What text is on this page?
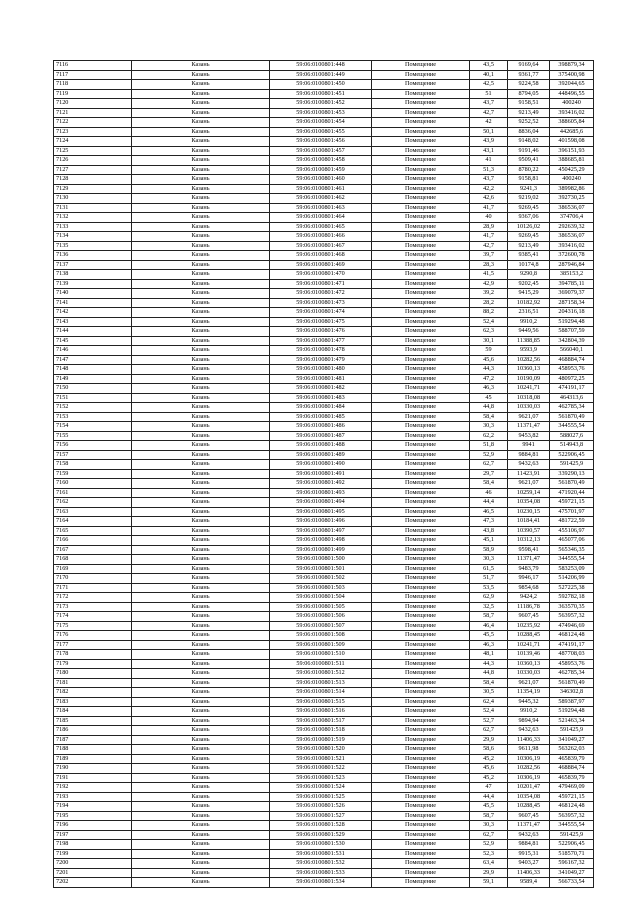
7116	Казань	59:06:0100801:448	Помещение	43,5	9169,64	398879,34
7117	Казань	59:06:0100801:449	Помещение	40,1	9361,77	375400,98
7118	Казань	59:06:0100801:450	Помещение	42,5	9224,58	392044,65
7119	Казань	59:06:0100801:451	Помещение	51	8794,05	448496,55
7120	Казань	59:06:0100801:452	Помещение	43,7	9158,51	400240
7121	Казань	59:06:0100801:453	Помещение	42,7	9213,49	393416,02
7122	Казань	59:06:0100801:454	Помещение	42	9252,52	388605,84
7123	Казань	59:06:0100801:455	Помещение	50,1	8836,04	442685,6
7124	Казань	59:06:0100801:456	Помещение	43,9	9148,02	401598,08
7125	Казань	59:06:0100801:457	Помещение	43,1	9191,46	396151,93
7126	Казань	59:06:0100801:458	Помещение	41	9509,41	388685,81
7127	Казань	59:06:0100801:459	Помещение	51,3	8780,22	450425,29
7128	Казань	59:06:0100801:460	Помещение	43,7	9158,81	400240
7129	Казань	59:06:0100801:461	Помещение	42,2	9241,3	389982,86
7130	Казань	59:06:0100801:462	Помещение	42,6	9219,02	392730,25
7131	Казань	59:06:0100801:463	Помещение	41,7	9269,45	386536,07
7132	Казань	59:06:0100801:464	Помещение	40	9367,06	374706,4
7133	Казань	59:06:0100801:465	Помещение	28,9	10126,02	292639,32
7134	Казань	59:06:0100801:466	Помещение	41,7	9269,45	386536,07
7135	Казань	59:06:0100801:467	Помещение	42,7	9213,49	393416,02
7136	Казань	59:06:0100801:468	Помещение	39,7	9385,41	372600,78
7137	Казань	59:06:0100801:469	Помещение	28,3	10174,8	287946,84
7138	Казань	59:06:0100801:470	Помещение	41,5	9290,8	385153,2
7139	Казань	59:06:0100801:471	Помещение	42,9	9202,45	394785,11
7140	Казань	59:06:0100801:472	Помещение	39,2	9415,29	369079,37
7141	Казань	59:06:0100801:473	Помещение	28,2	10182,92	287158,34
7142	Казань	59:06:0100801:474	Помещение	88,2	2316,51	204316,18
7143	Казань	59:06:0100801:475	Помещение	52,4	9910,2	519294,48
7144	Казань	59:06:0100801:476	Помещение	62,3	9449,56	588707,59
7145	Казань	59:06:0100801:477	Помещение	30,1	11388,85	342804,39
7146	Казань	59:06:0100801:478	Помещение	59	9593,9	566040,1
7147	Казань	59:06:0100801:479	Помещение	45,6	10282,56	468884,74
7148	Казань	59:06:0100801:480	Помещение	44,3	10360,13	458953,76
7149	Казань	59:06:0100801:481	Помещение	47,2	10190,09	480972,25
7150	Казань	59:06:0100801:482	Помещение	46,3	10241,71	474191,17
7151	Казань	59:06:0100801:483	Помещение	45	10318,08	464313,6
7152	Казань	59:06:0100801:484	Помещение	44,8	10330,03	462785,34
7153	Казань	59:06:0100801:485	Помещение	58,4	9621,07	561870,49
7154	Казань	59:06:0100801:486	Помещение	30,3	11371,47	344555,54
7155	Казань	59:06:0100801:487	Помещение	62,2	9453,82	588027,6
7156	Казань	59:06:0100801:488	Помещение	51,8	9941	514943,8
7157	Казань	59:06:0100801:489	Помещение	52,9	9884,81	522906,45
7158	Казань	59:06:0100801:490	Помещение	62,7	9432,63	591425,9
7159	Казань	59:06:0100801:491	Помещение	29,7	11423,91	339290,13
7160	Казань	59:06:0100801:492	Помещение	58,4	9621,07	561870,49
7161	Казань	59:06:0100801:493	Помещение	46	10259,14	471920,44
7162	Казань	59:06:0100801:494	Помещение	44,4	10354,08	459721,15
7163	Казань	59:06:0100801:495	Помещение	46,5	10230,15	475701,97
7164	Казань	59:06:0100801:496	Помещение	47,3	10184,41	481722,59
7165	Казань	59:06:0100801:497	Помещение	43,8	10390,57	455106,97
7166	Казань	59:06:0100801:498	Помещение	45,1	10312,13	465077,06
7167	Казань	59:06:0100801:499	Помещение	58,9	9598,41	565346,35
7168	Казань	59:06:0100801:500	Помещение	30,3	11371,47	344555,54
7169	Казань	59:06:0100801:501	Помещение	61,5	9483,79	583253,09
7170	Казань	59:06:0100801:502	Помещение	51,7	9946,17	514206,99
7171	Казань	59:06:0100801:503	Помещение	53,5	9854,68	527225,38
7172	Казань	59:06:0100801:504	Помещение	62,9	9424,2	592782,18
7173	Казань	59:06:0100801:505	Помещение	32,5	11186,78	363570,35
7174	Казань	59:06:0100801:506	Помещение	58,7	9607,45	563957,32
7175	Казань	59:06:0100801:507	Помещение	46,4	10235,92	474946,69
7176	Казань	59:06:0100801:508	Помещение	45,5	10288,45	468124,48
7177	Казань	59:06:0100801:509	Помещение	46,3	10241,71	474191,17
7178	Казань	59:06:0100801:510	Помещение	48,1	10139,46	487708,03
7179	Казань	59:06:0100801:511	Помещение	44,3	10360,13	458953,76
7180	Казань	59:06:0100801:512	Помещение	44,8	10330,03	462785,34
7181	Казань	59:06:0100801:513	Помещение	58,4	9621,07	561870,49
7182	Казань	59:06:0100801:514	Помещение	30,5	11354,19	346302,8
7183	Казань	59:06:0100801:515	Помещение	62,4	9445,32	589387,97
7184	Казань	59:06:0100801:516	Помещение	52,4	9910,2	519294,48
7185	Казань	59:06:0100801:517	Помещение	52,7	9894,94	521463,34
7186	Казань	59:06:0100801:518	Помещение	62,7	9432,63	591425,9
7187	Казань	59:06:0100801:519	Помещение	29,9	11406,33	341049,27
7188	Казань	59:06:0100801:520	Помещение	58,6	9611,98	563262,03
7189	Казань	59:06:0100801:521	Помещение	45,2	10306,19	465839,79
7190	Казань	59:06:0100801:522	Помещение	45,6	10282,56	468884,74
7191	Казань	59:06:0100801:523	Помещение	45,2	10306,19	465839,79
7192	Казань	59:06:0100801:524	Помещение	47	10201,47	479469,09
7193	Казань	59:06:0100801:525	Помещение	44,4	10354,08	459721,15
7194	Казань	59:06:0100801:526	Помещение	45,5	10288,45	468124,48
7195	Казань	59:06:0100801:527	Помещение	58,7	9607,45	563957,32
7196	Казань	59:06:0100801:528	Помещение	30,3	11371,47	344555,54
7197	Казань	59:06:0100801:529	Помещение	62,7	9432,63	591425,9
7198	Казань	59:06:0100801:530	Помещение	52,9	9884,81	522906,45
7199	Казань	59:06:0100801:531	Помещение	52,3	9915,31	518570,71
7200	Казань	59:06:0100801:532	Помещение	63,4	9403,27	596167,32
7201	Казань	59:06:0100801:533	Помещение	29,9	11406,33	341049,27
7202	Казань	59:06:0100801:534	Помещение	59,1	9589,4	566733,54
